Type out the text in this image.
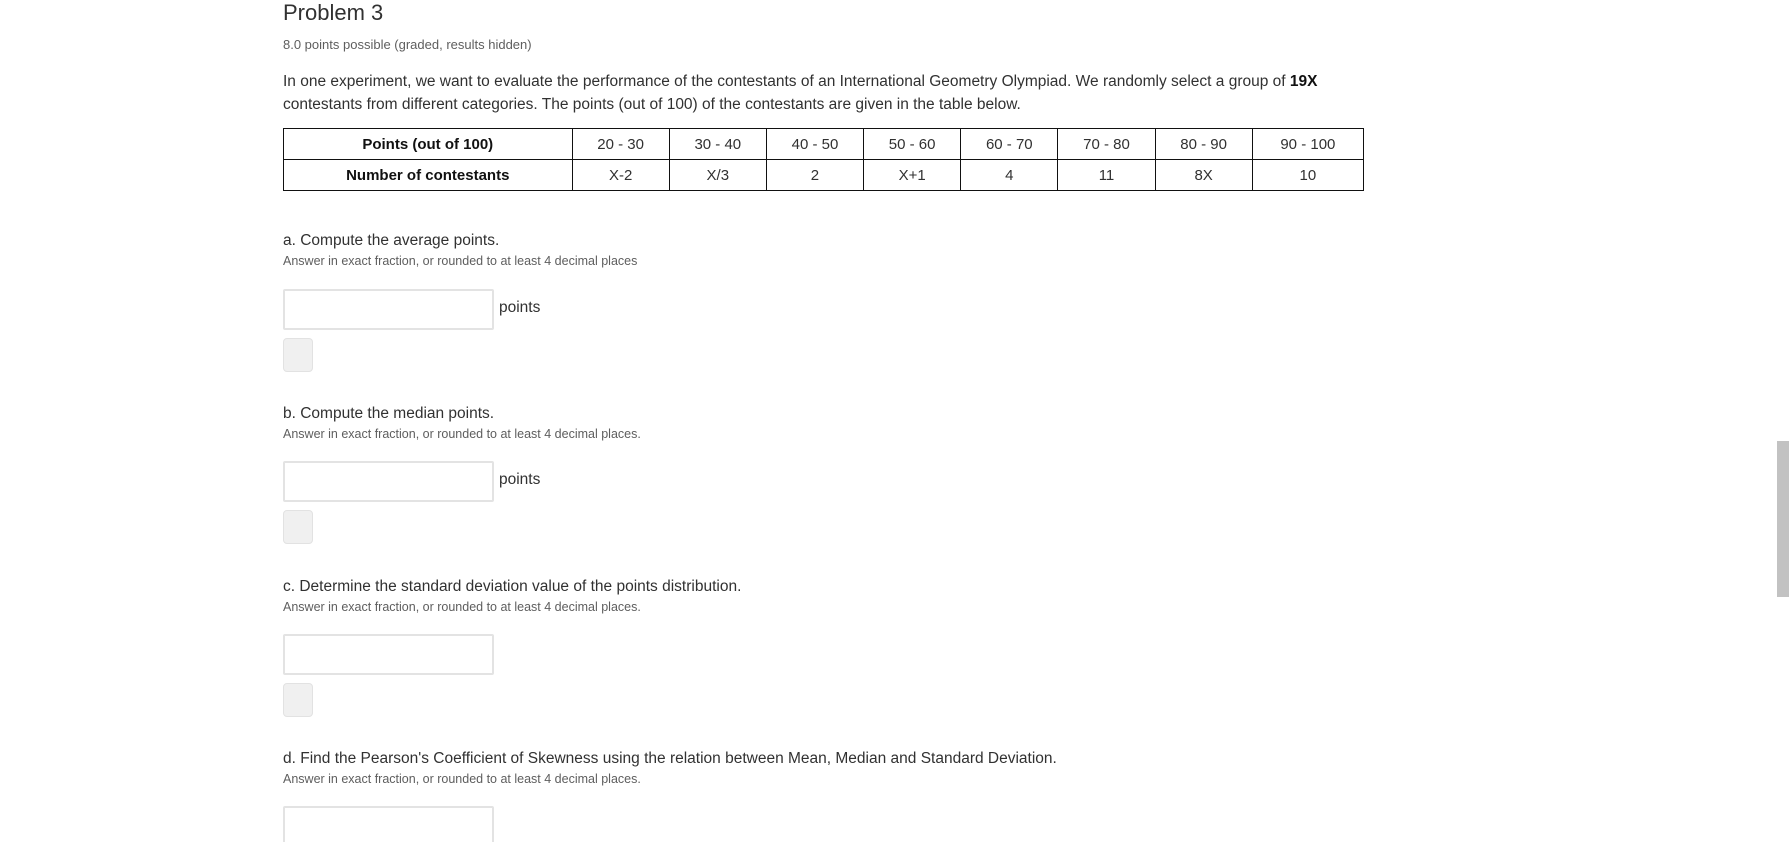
Problem 3
8.0 points possible (graded, results hidden)
In one experiment, we want to evaluate the performance of the contestants of an International Geometry Olympiad. We randomly select a group of 19X contestants from different categories. The points (out of 100) of the contestants are given in the table below.
Points (out of 100)	20 - 30	30 - 40	40 - 50	50 - 60	60 - 70	70 - 80	80 - 90	90 - 100
Number of contestants	X-2	X/3	2	X+1	4	11	8X	10
a. Compute the average points.
Answer in exact fraction, or rounded to at least 4 decimal places
points
b. Compute the median points.
Answer in exact fraction, or rounded to at least 4 decimal places.
points
c. Determine the standard deviation value of the points distribution.
Answer in exact fraction, or rounded to at least 4 decimal places.
d. Find the Pearson's Coefficient of Skewness using the relation between Mean, Median and Standard Deviation.
Answer in exact fraction, or rounded to at least 4 decimal places.
